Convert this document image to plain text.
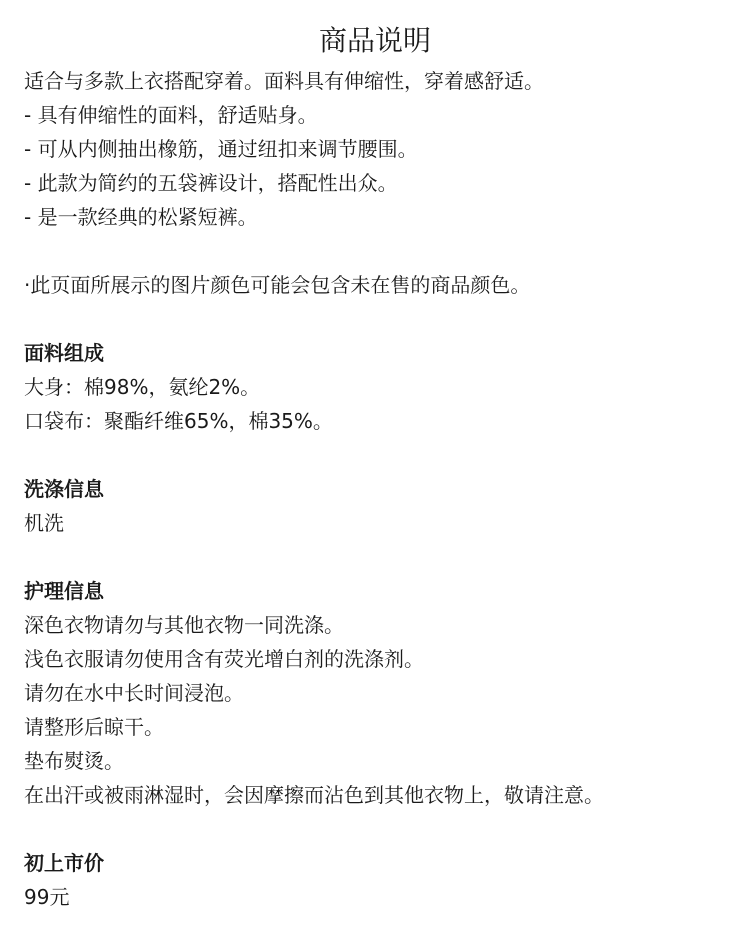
商品说明
适合与多款上衣搭配穿着。面料具有伸缩性，穿着感舒适。
- 具有伸缩性的面料，舒适贴身。
- 可从内侧抽出橡筋，通过纽扣来调节腰围。
- 此款为简约的五袋裤设计，搭配性出众。
- 是一款经典的松紧短裤。
·此页面所展示的图片颜色可能会包含未在售的商品颜色。
面料组成
大身：棉98%，氨纶2%。
口袋布：聚酯纤维65%，棉35%。
洗涤信息
机洗
护理信息
深色衣物请勿与其他衣物一同洗涤。
浅色衣服请勿使用含有荧光增白剂的洗涤剂。
请勿在水中长时间浸泡。
请整形后晾干。
垫布熨烫。
在出汗或被雨淋湿时，会因摩擦而沾色到其他衣物上，敬请注意。
初上市价
99元
